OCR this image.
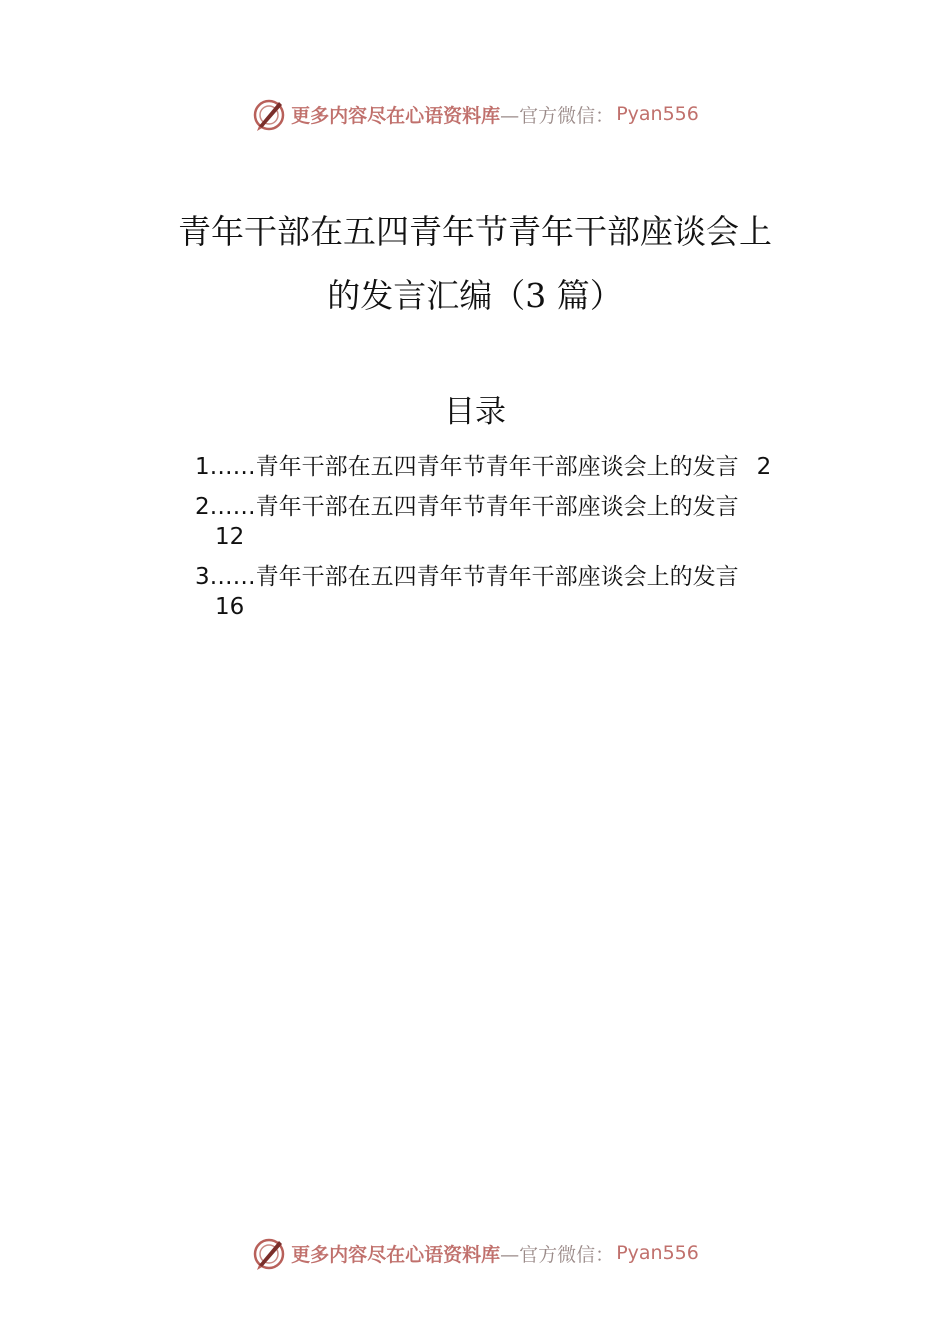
更多内容尽在心语资料库 —官方微信： Pyan556
青年干部在五四青年节青年干部座谈会上
的发言汇编（3 篇）
目录
1……青年干部在五四青年节青年干部座谈会上的发言 2
2……青年干部在五四青年节青年干部座谈会上的发言
12
3……青年干部在五四青年节青年干部座谈会上的发言
16
更多内容尽在心语资料库 —官方微信： Pyan556
